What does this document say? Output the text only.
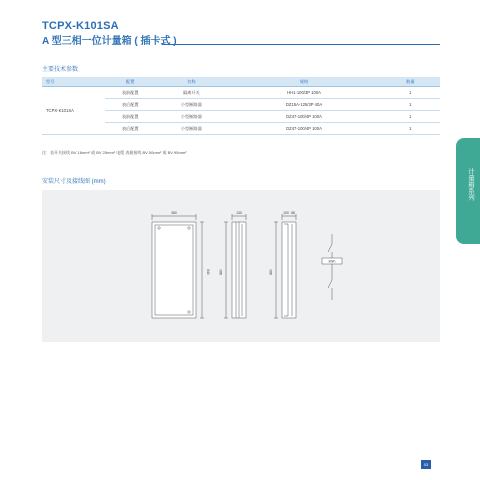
TCPX-K101SA
A 型三相一位计量箱 ( 插卡式 )
主要技术参数
型号	配置	名称	规格	数量
TCPX-K101SA	表前配置	隔离开关	HH1-100/3P 100A	1
	表后配置	小型断路器	DZ15A-125/3P 40A	1
	表前配置	小型断路器	DZ47-100/4P 100A	1
	表后配置	小型断路器	DZ47-100/4P 100A	1
注：表开关接线 BV 16mm² 或 BV 25mm² 电缆 表箱接线 BV 50mm² 或 BV 95mm²
安装尺寸及接线图 (mm)
380
540
130
880
100 88
880
kWh
计量箱系列
03
